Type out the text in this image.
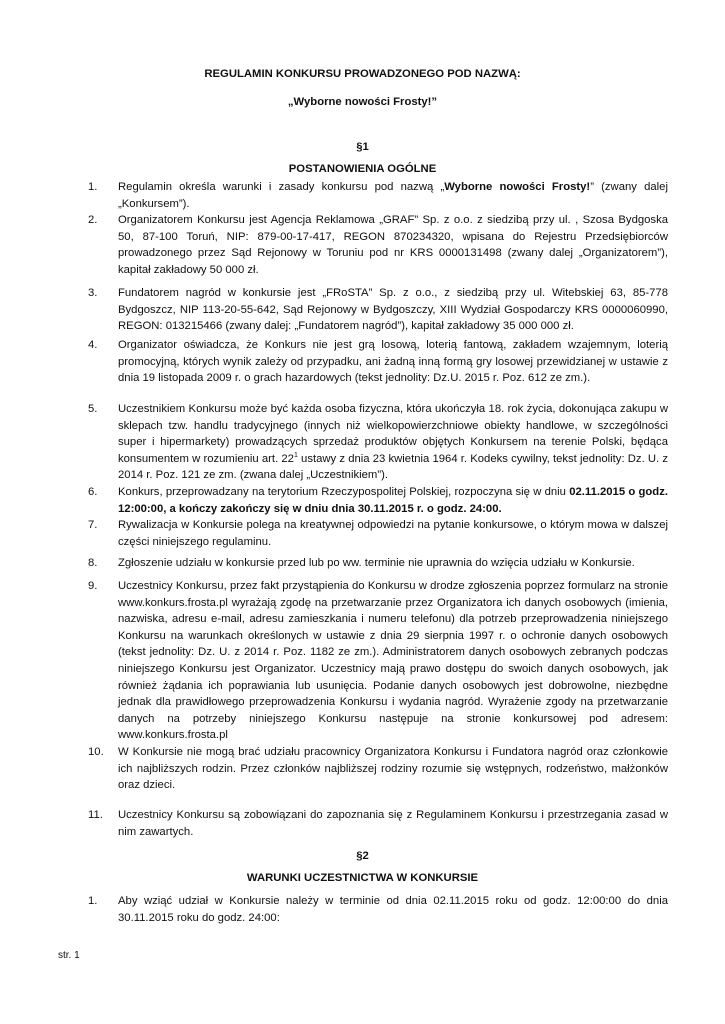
REGULAMIN KONKURSU PROWADZONEGO POD NAZWĄ:
„Wyborne nowości Frosty!”
§1
POSTANOWIENIA OGÓLNE
1.	Regulamin określa warunki i zasady konkursu pod nazwą „Wyborne nowości Frosty!” (zwany dalej „Konkursem”).

2.	Organizatorem Konkursu jest Agencja Reklamowa „GRAF” Sp. z o.o. z siedzibą przy ul. , Szosa Bydgoska 50, 87-100 Toruń, NIP: 879-00-17-417, REGON 870234320, wpisana do Rejestru Przedsiębiorców prowadzonego przez Sąd Rejonowy w Toruniu pod nr KRS 0000131498 (zwany dalej „Organizatorem”), kapitał zakładowy 50 000 zł.
3.	Fundatorem nagród w konkursie jest „FRoSTA” Sp. z o.o., z siedzibą przy ul. Witebskiej 63, 85-778 Bydgoszcz, NIP 113-20-55-642, Sąd Rejonowy w Bydgoszczy, XIII Wydział Gospodarczy KRS 0000060990, REGON: 013215466 (zwany dalej: „Fundatorem nagród”), kapitał zakładowy 35 000 000 zł.
4.	Organizator oświadcza, że Konkurs nie jest grą losową, loterią fantową, zakładem wzajemnym, loterią promocyjną, których wynik zależy od przypadku, ani żadną inną formą gry losowej przewidzianej w ustawie z dnia 19 listopada 2009 r. o grach hazardowych (tekst jednolity: Dz.U. 2015 r. Poz. 612 ze zm.).
5.	Uczestnikiem Konkursu może być każda osoba fizyczna, która ukończyła 18. rok życia, dokonująca zakupu w sklepach tzw. handlu tradycyjnego (innych niż wielkopowierzchniowe obiekty handlowe, w szczególności super i hipermarkety) prowadzących sprzedaż produktów objętych Konkursem na terenie Polski, będąca konsumentem w rozumieniu art. $22^1$ ustawy z dnia 23 kwietnia 1964 r. Kodeks cywilny, tekst jednolity: Dz. U. z 2014 r. Poz. 121 ze zm. (zwana dalej „Uczestnikiem”).

6.	Konkurs, przeprowadzany na terytorium Rzeczypospolitej Polskiej, rozpoczyna się w dniu 02.11.2015 o godz. 12:00:00, a kończy zakończy się w dniu dnia 30.11.2015 r. o godz. 24:00.

7.	Rywalizacja w Konkursie polega na kreatywnej odpowiedzi na pytanie konkursowe, o którym mowa w dalszej części niniejszego regulaminu.
8.	Zgłoszenie udziału w konkursie przed lub po ww. terminie nie uprawnia do wzięcia udziału w Konkursie.
9.	Uczestnicy Konkursu, przez fakt przystąpienia do Konkursu w drodze zgłoszenia poprzez formularz na stronie www.konkurs.frosta.pl wyrażają zgodę na przetwarzanie przez Organizatora ich danych osobowych (imienia, nazwiska, adresu e-mail, adresu zamieszkania i numeru telefonu) dla potrzeb przeprowadzenia niniejszego Konkursu na warunkach określonych w ustawie z dnia 29 sierpnia 1997 r. o ochronie danych osobowych (tekst jednolity: Dz. U. z 2014 r. Poz. 1182 ze zm.). Administratorem danych osobowych zebranych podczas niniejszego Konkursu jest Organizator. Uczestnicy mają prawo dostępu do swoich danych osobowych, jak również żądania ich poprawiania lub usunięcia. Podanie danych osobowych jest dobrowolne, niezbędne jednak dla prawidłowego przeprowadzenia Konkursu i wydania nagród. Wyrażenie zgody na przetwarzanie danych na potrzeby niniejszego Konkursu następuje na stronie konkursowej pod adresem: www.konkurs.frosta.pl
10.	W Konkursie nie mogą brać udziału pracownicy Organizatora Konkursu i Fundatora nagród oraz członkowie ich najbliższych rodzin. Przez członków najbliższej rodziny rozumie się wstępnych, rodzeństwo, małżonków oraz dzieci.
11.	Uczestnicy Konkursu są zobowiązani do zapoznania się z Regulaminem Konkursu i przestrzegania zasad w nim zawartych.
§2
WARUNKI UCZESTNICTWA W KONKURSIE
1.	Aby wziąć udział w Konkursie należy w terminie od dnia 02.11.2015 roku od godz. 12:00:00 do dnia 30.11.2015 roku do godz. 24:00:
str. 1
